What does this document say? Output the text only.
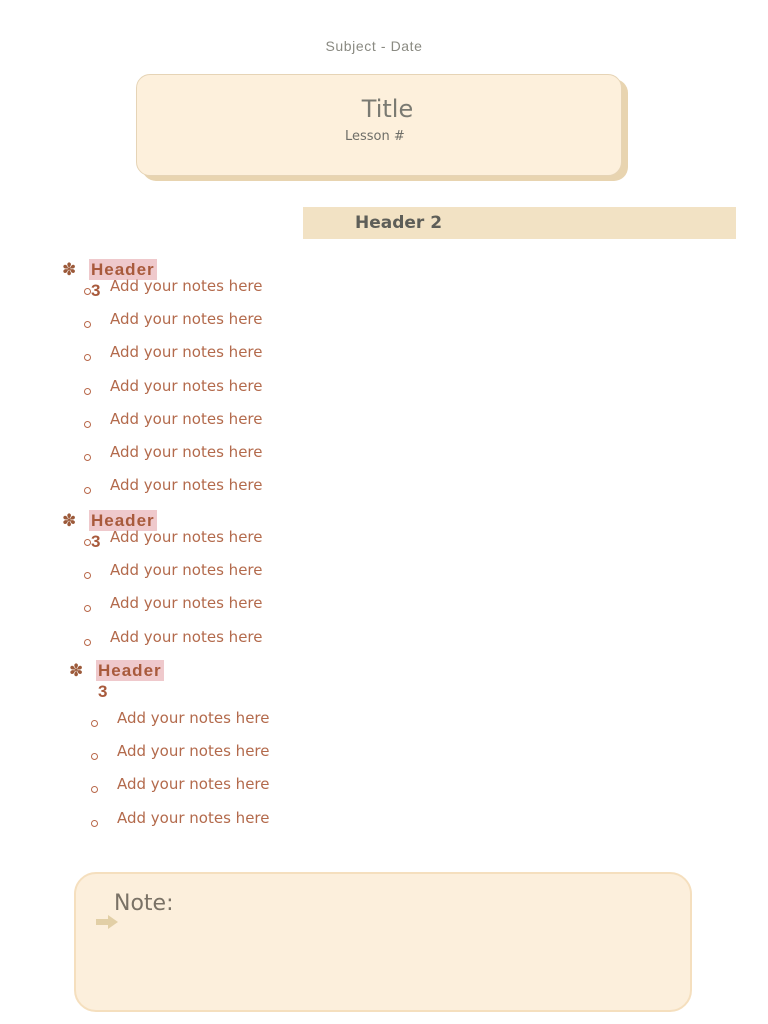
Subject - Date
Title
Lesson #
Header 2
✽ Header 3 Add your notes here
Add your notes here
Add your notes here
Add your notes here
Add your notes here
Add your notes here
Add your notes here
✽ Header 3 Add your notes here
Add your notes here
Add your notes here
Add your notes here
✽ Header 3
Add your notes here
Add your notes here
Add your notes here
Add your notes here
Note:
